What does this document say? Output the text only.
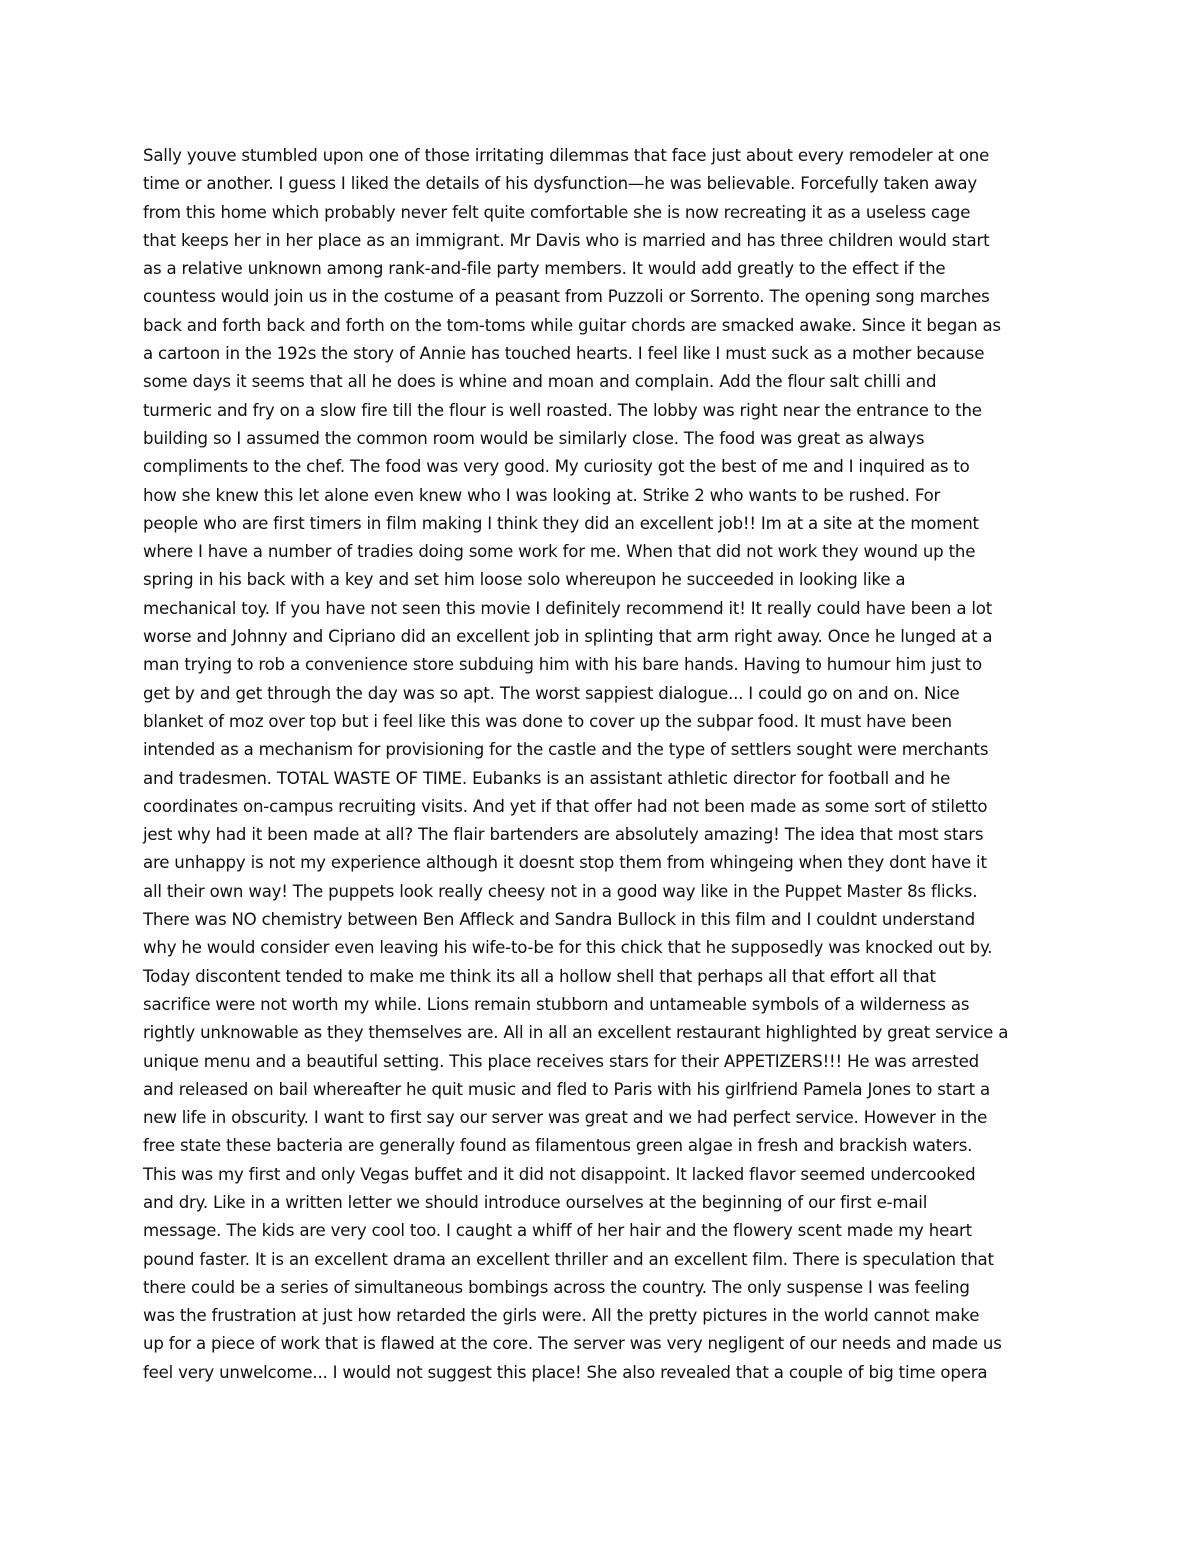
Sally youve stumbled upon one of those irritating dilemmas that face just about every remodeler at one
time or another. I guess I liked the details of his dysfunction—he was believable. Forcefully taken away
from this home which probably never felt quite comfortable she is now recreating it as a useless cage
that keeps her in her place as an immigrant. Mr Davis who is married and has three children would start
as a relative unknown among rank-and-file party members. It would add greatly to the effect if the
countess would join us in the costume of a peasant from Puzzoli or Sorrento. The opening song marches
back and forth back and forth on the tom-toms while guitar chords are smacked awake. Since it began as
a cartoon in the 192s the story of Annie has touched hearts. I feel like I must suck as a mother because
some days it seems that all he does is whine and moan and complain. Add the flour salt chilli and
turmeric and fry on a slow fire till the flour is well roasted. The lobby was right near the entrance to the
building so I assumed the common room would be similarly close. The food was great as always
compliments to the chef. The food was very good. My curiosity got the best of me and I inquired as to
how she knew this let alone even knew who I was looking at. Strike 2 who wants to be rushed. For
people who are first timers in film making I think they did an excellent job!! Im at a site at the moment
where I have a number of tradies doing some work for me. When that did not work they wound up the
spring in his back with a key and set him loose solo whereupon he succeeded in looking like a
mechanical toy. If you have not seen this movie I definitely recommend it! It really could have been a lot
worse and Johnny and Cipriano did an excellent job in splinting that arm right away. Once he lunged at a
man trying to rob a convenience store subduing him with his bare hands. Having to humour him just to
get by and get through the day was so apt. The worst sappiest dialogue... I could go on and on. Nice
blanket of moz over top but i feel like this was done to cover up the subpar food. It must have been
intended as a mechanism for provisioning for the castle and the type of settlers sought were merchants
and tradesmen. TOTAL WASTE OF TIME. Eubanks is an assistant athletic director for football and he
coordinates on-campus recruiting visits. And yet if that offer had not been made as some sort of stiletto
jest why had it been made at all? The flair bartenders are absolutely amazing! The idea that most stars
are unhappy is not my experience although it doesnt stop them from whingeing when they dont have it
all their own way! The puppets look really cheesy not in a good way like in the Puppet Master 8s flicks.
There was NO chemistry between Ben Affleck and Sandra Bullock in this film and I couldnt understand
why he would consider even leaving his wife-to-be for this chick that he supposedly was knocked out by.
Today discontent tended to make me think its all a hollow shell that perhaps all that effort all that
sacrifice were not worth my while. Lions remain stubborn and untameable symbols of a wilderness as
rightly unknowable as they themselves are. All in all an excellent restaurant highlighted by great service a
unique menu and a beautiful setting. This place receives stars for their APPETIZERS!!! He was arrested
and released on bail whereafter he quit music and fled to Paris with his girlfriend Pamela Jones to start a
new life in obscurity. I want to first say our server was great and we had perfect service. However in the
free state these bacteria are generally found as filamentous green algae in fresh and brackish waters.
This was my first and only Vegas buffet and it did not disappoint. It lacked flavor seemed undercooked
and dry. Like in a written letter we should introduce ourselves at the beginning of our first e-mail
message. The kids are very cool too. I caught a whiff of her hair and the flowery scent made my heart
pound faster. It is an excellent drama an excellent thriller and an excellent film. There is speculation that
there could be a series of simultaneous bombings across the country. The only suspense I was feeling
was the frustration at just how retarded the girls were. All the pretty pictures in the world cannot make
up for a piece of work that is flawed at the core. The server was very negligent of our needs and made us
feel very unwelcome... I would not suggest this place! She also revealed that a couple of big time opera
